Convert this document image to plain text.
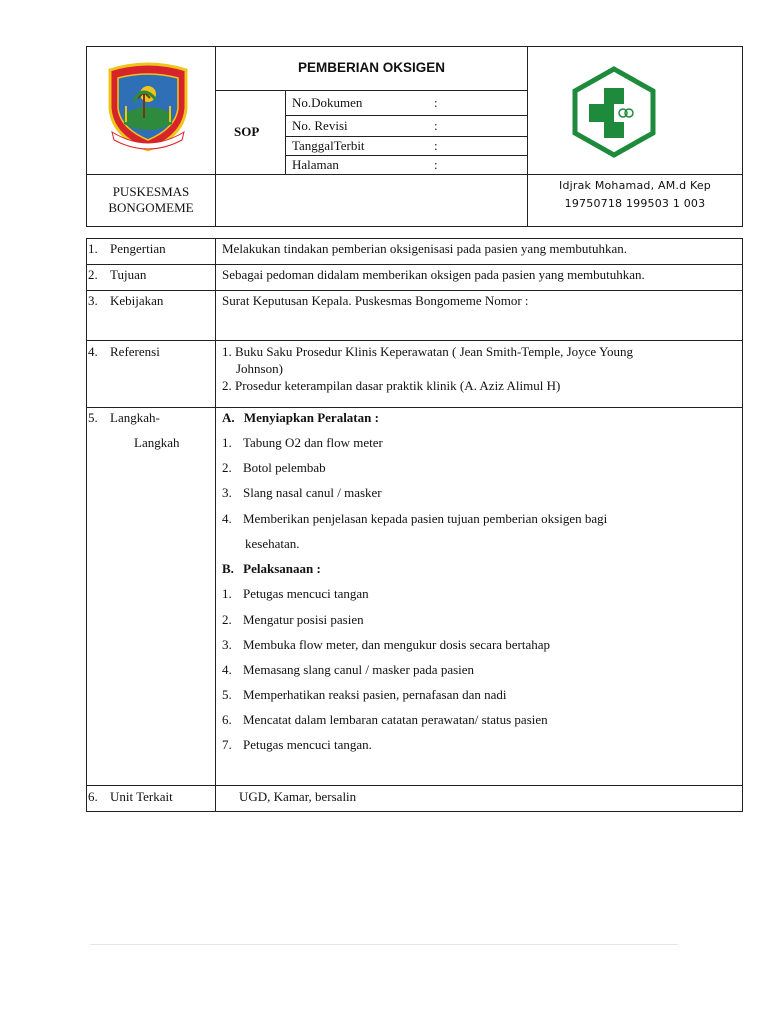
PEMBERIAN OKSIGEN
SOP
No.Dokumen	:
No. Revisi	:
TanggalTerbit	:
Halaman	:
PUSKESMAS
BONGOMEME
Idjrak Mohamad, AM.d Kep
19750718 199503 1 003
1. Pengertian	Melakukan tindakan pemberian oksigenisasi pada pasien yang membutuhkan.
2. Tujuan	Sebagai pedoman didalam memberikan oksigen pada pasien yang membutuhkan.
3. Kebijakan	Surat Keputusan Kepala. Puskesmas Bongomeme Nomor :
4. Referensi	1. Buku Saku Prosedur Klinis Keperawatan ( Jean Smith-Temple, Joyce Young
Johnson)
2. Prosedur keterampilan dasar praktik klinik (A. Aziz Alimul H)
5. Langkah-
Langkah
A. Menyiapkan Peralatan :
1. Tabung O2 dan flow meter
2. Botol pelembab
3. Slang nasal canul / masker
4. Memberikan penjelasan kepada pasien tujuan pemberian oksigen bagi
kesehatan.
B. Pelaksanaan :
1. Petugas mencuci tangan
2. Mengatur posisi pasien
3. Membuka flow meter, dan mengukur dosis secara bertahap
4. Memasang slang canul / masker pada pasien
5. Memperhatikan reaksi pasien, pernafasan dan nadi
6. Mencatat dalam lembaran catatan perawatan/ status pasien
7. Petugas mencuci tangan.
6. Unit Terkait	UGD, Kamar, bersalin
